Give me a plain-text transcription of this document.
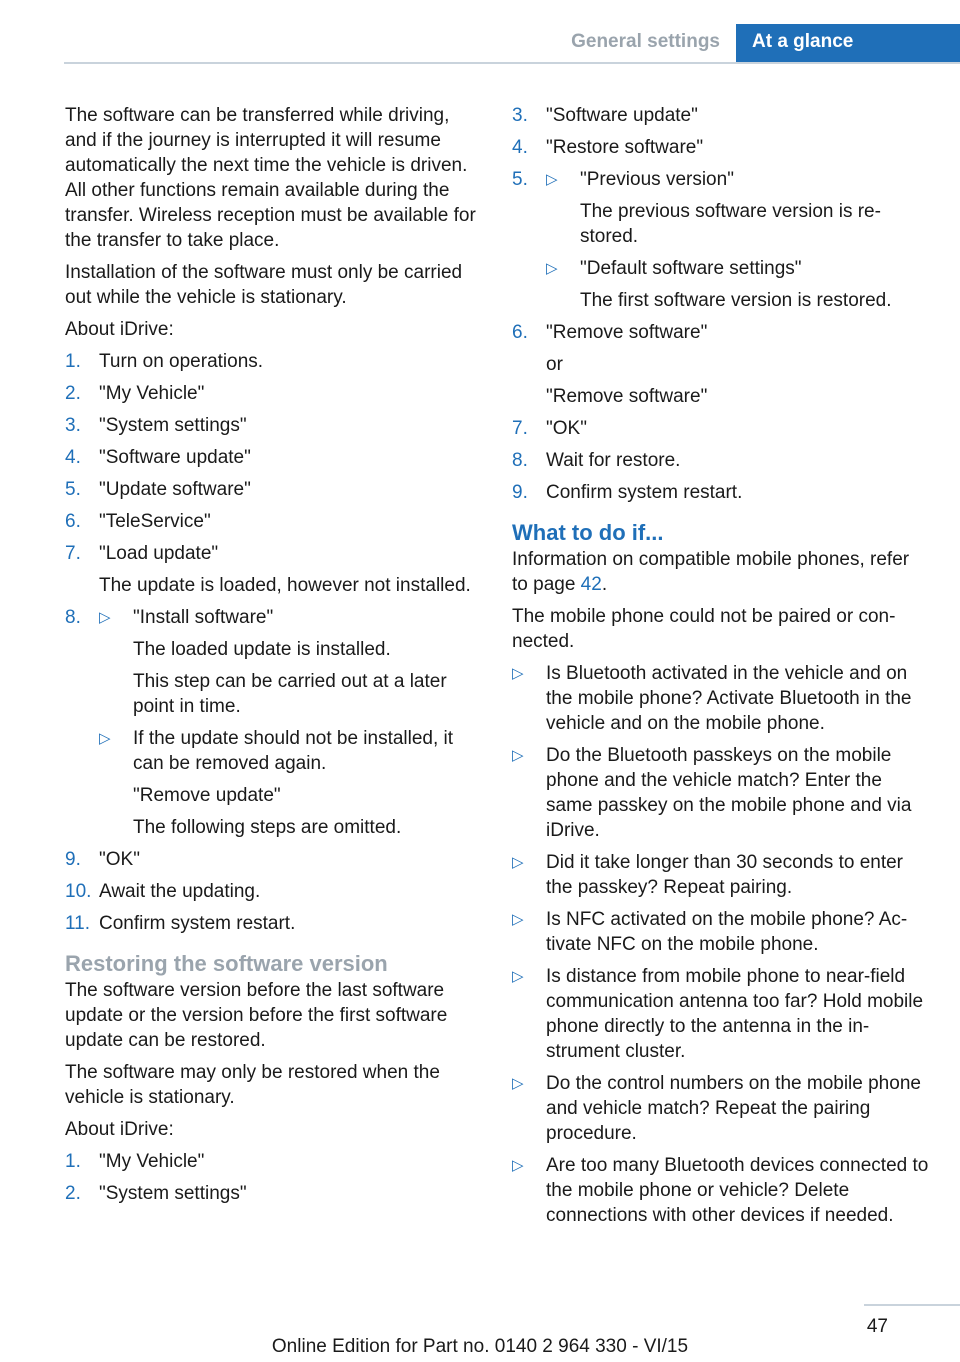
General settings	At a glance
The software can be transferred while driving, and if the journey is interrupted it will resume automatically the next time the vehicle is driven. All other functions remain available during the transfer. Wireless reception must be available for the transfer to take place.
Installation of the software must only be carried out while the vehicle is stationary.
About iDrive:
1. Turn on operations.
2. "My Vehicle"
3. "System settings"
4. "Software update"
5. "Update software"
6. "TeleService"
7. "Load update"
The update is loaded, however not installed.
8. ▷ "Install software"
The loaded update is installed.
This step can be carried out at a later point in time.
▷ If the update should not be installed, it can be removed again.
"Remove update"
The following steps are omitted.
9. "OK"
10. Await the updating.
11. Confirm system restart.
Restoring the software version
The software version before the last software update or the version before the first software update can be restored.
The software may only be restored when the vehicle is stationary.
About iDrive:
1. "My Vehicle"
2. "System settings"
3. "Software update"
4. "Restore software"
5. ▷ "Previous version"
The previous software version is restored.
▷ "Default software settings"
The first software version is restored.
6. "Remove software"
or
"Remove software"
7. "OK"
8. Wait for restore.
9. Confirm system restart.
What to do if...
Information on compatible mobile phones, refer to page 42.
The mobile phone could not be paired or connected.
▷ Is Bluetooth activated in the vehicle and on the mobile phone? Activate Bluetooth in the vehicle and on the mobile phone.
▷ Do the Bluetooth passkeys on the mobile phone and the vehicle match? Enter the same passkey on the mobile phone and via iDrive.
▷ Did it take longer than 30 seconds to enter the passkey? Repeat pairing.
▷ Is NFC activated on the mobile phone? Activate NFC on the mobile phone.
▷ Is distance from mobile phone to near-field communication antenna too far? Hold mobile phone directly to the antenna in the instrument cluster.
▷ Do the control numbers on the mobile phone and vehicle match? Repeat the pairing procedure.
▷ Are too many Bluetooth devices connected to the mobile phone or vehicle? Delete connections with other devices if needed.
47
Online Edition for Part no. 0140 2 964 330 - VI/15
